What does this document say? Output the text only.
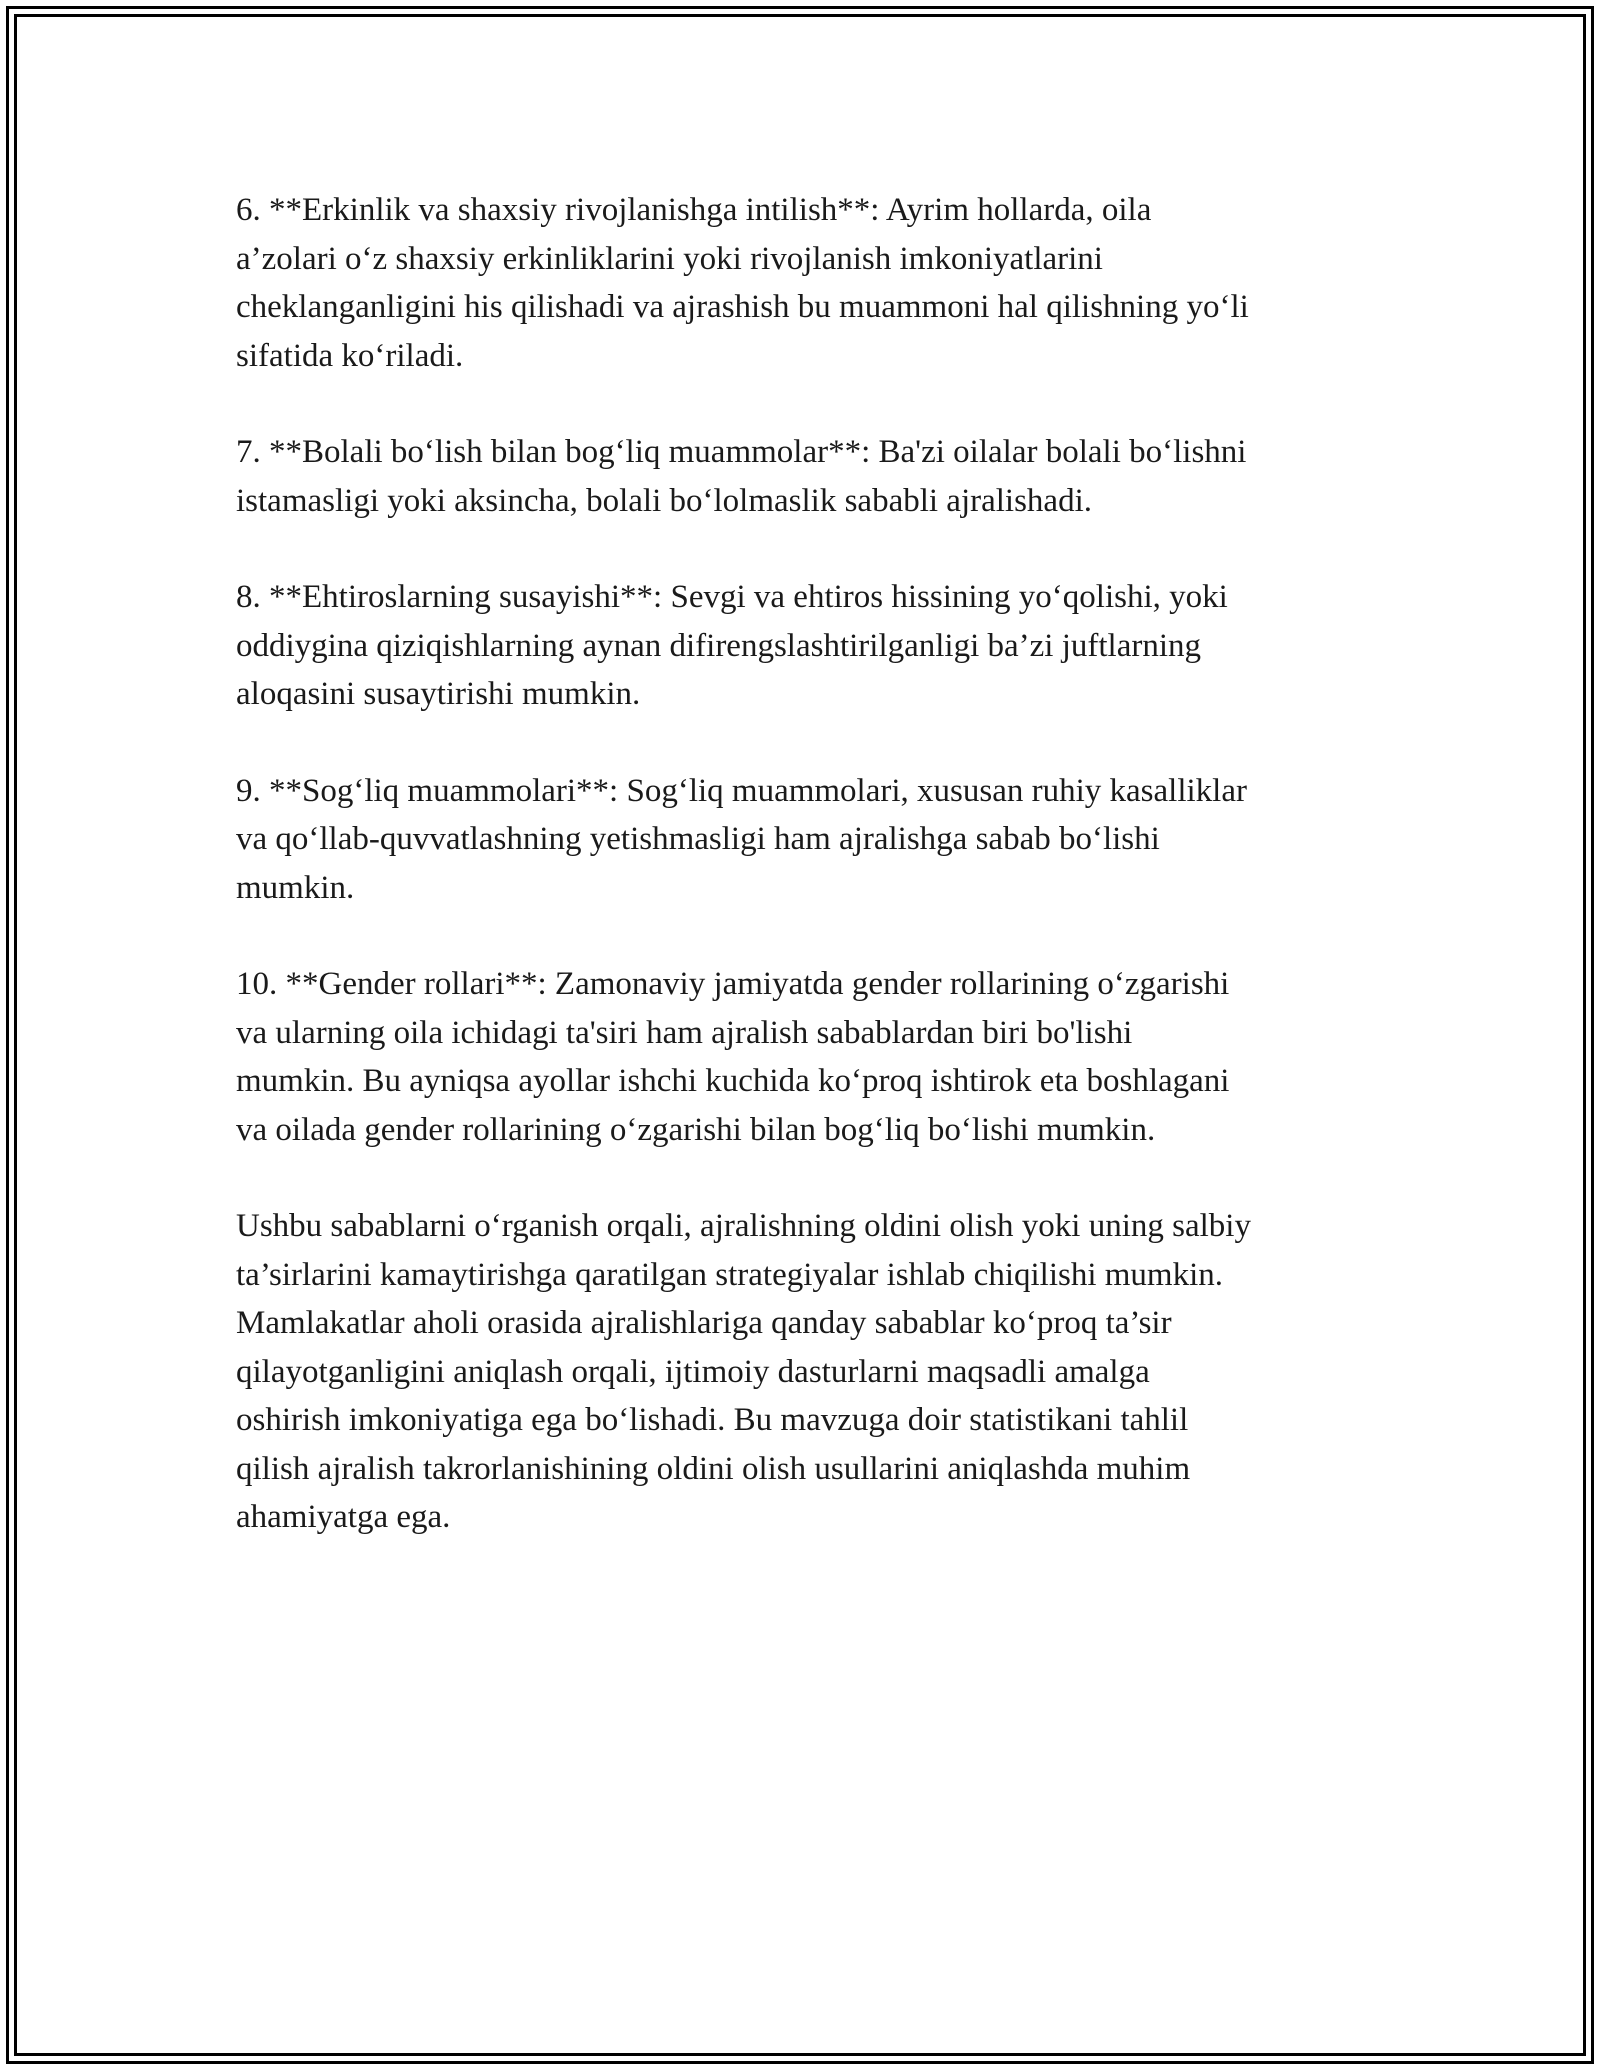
6. **Erkinlik va shaxsiy rivojlanishga intilish**: Ayrim hollarda, oila
a’zolari o‘z shaxsiy erkinliklarini yoki rivojlanish imkoniyatlarini
cheklanganligini his qilishadi va ajrashish bu muammoni hal qilishning yo‘li
sifatida ko‘riladi.

7. **Bolali bo‘lish bilan bog‘liq muammolar**: Ba'zi oilalar bolali bo‘lishni
istamasligi yoki aksincha, bolali bo‘lolmaslik sababli ajralishadi.

8. **Ehtiroslarning susayishi**: Sevgi va ehtiros hissining yo‘qolishi, yoki
oddiygina qiziqishlarning aynan difirengslashtirilganligi ba’zi juftlarning
aloqasini susaytirishi mumkin.

9. **Sog‘liq muammolari**: Sog‘liq muammolari, xususan ruhiy kasalliklar
va qo‘llab-quvvatlashning yetishmasligi ham ajralishga sabab bo‘lishi
mumkin.

10. **Gender rollari**: Zamonaviy jamiyatda gender rollarining o‘zgarishi
va ularning oila ichidagi ta'siri ham ajralish sabablardan biri bo'lishi
mumkin. Bu ayniqsa ayollar ishchi kuchida ko‘proq ishtirok eta boshlagani
va oilada gender rollarining o‘zgarishi bilan bog‘liq bo‘lishi mumkin.

Ushbu sabablarni o‘rganish orqali, ajralishning oldini olish yoki uning salbiy
ta’sirlarini kamaytirishga qaratilgan strategiyalar ishlab chiqilishi mumkin.
Mamlakatlar aholi orasida ajralishlariga qanday sabablar ko‘proq ta’sir
qilayotganligini aniqlash orqali, ijtimoiy dasturlarni maqsadli amalga
oshirish imkoniyatiga ega bo‘lishadi. Bu mavzuga doir statistikani tahlil
qilish ajralish takrorlanishining oldini olish usullarini aniqlashda muhim
ahamiyatga ega.
